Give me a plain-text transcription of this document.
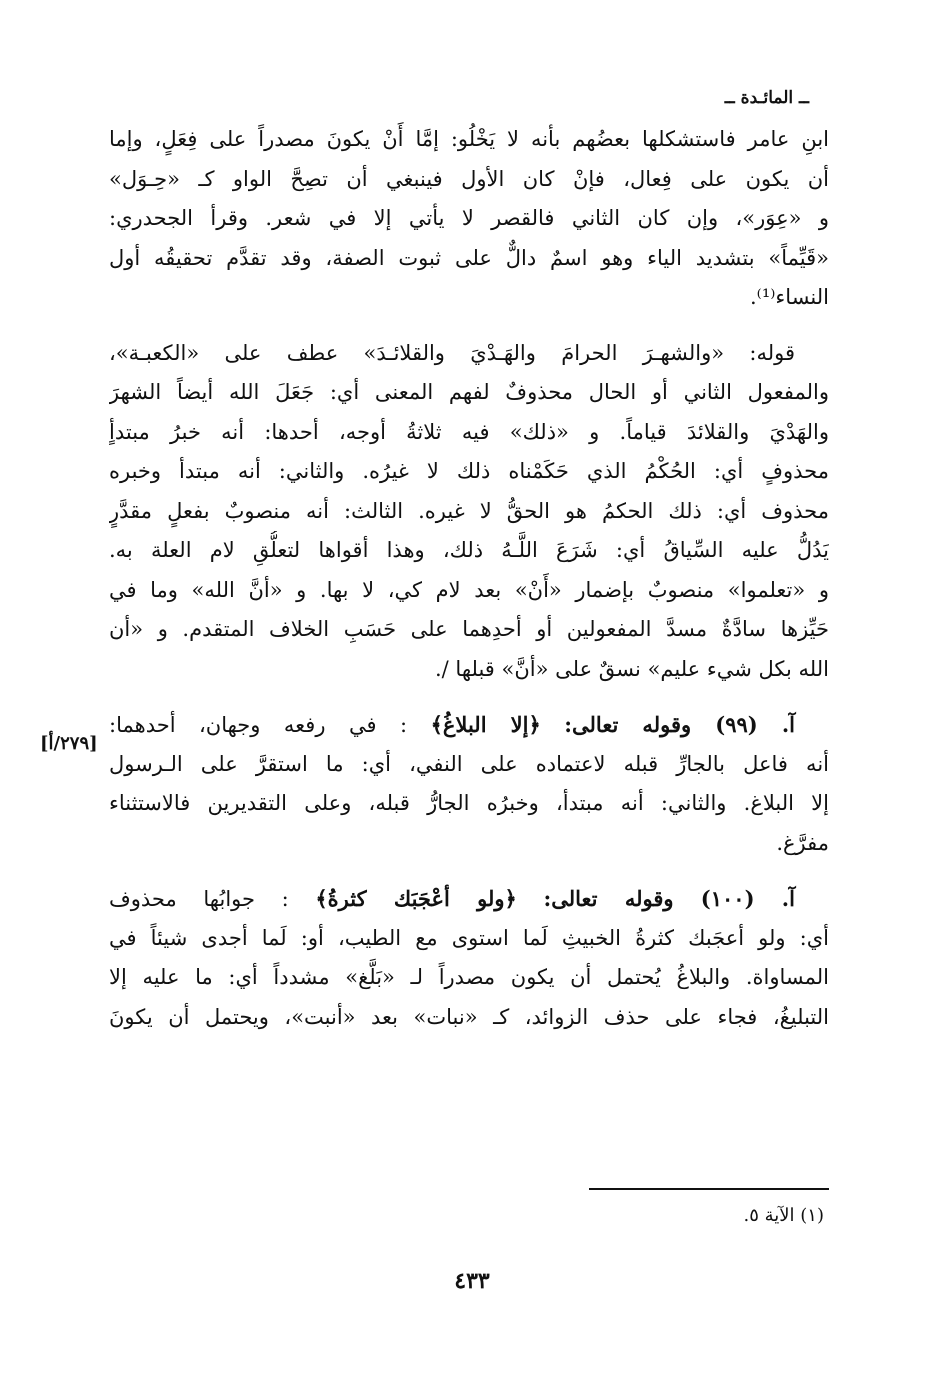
ــ المائـدة ــ
ابنِ عامر فاستشكلها بعضُهم بأنه لا يَخْلُو: إمَّا أَنْ يكونَ مصدراً على فِعَلٍ، وإما
أن يكون على فِعال، فإنْ كان الأول فينبغي أن تصِحَّ الواو كـ «حِـوَل»
و «عِوَر»، وإن كان الثاني فالقصر لا يأتي إلا في شعر. وقرأ الجحدري:
«قَيِّماً» بتشديد الياء وهو اسمٌ دالٌّ على ثبوت الصفة، وقد تقدَّم تحقيقُه أول
النساء⁽¹⁾.
قوله: «والشهـرَ الحرامَ والهَـدْيَ والقلائـدَ» عطف على «الكعبـة»،
والمفعول الثاني أو الحال محذوفٌ لفهم المعنى أي: جَعَلَ الله أيضاً الشهرَ
والهَدْيَ والقلائدَ قياماً. و «ذلك» فيه ثلاثةُ أوجه، أحدها: أنه خبرُ مبتدأٍ
محذوفٍ أي: الحُكْمُ الذي حَكَمْناه ذلك لا غيرُه. والثاني: أنه مبتدأ وخبره
محذوف أي: ذلك الحكمُ هو الحقُّ لا غيره. الثالث: أنه منصوبٌ بفعلٍ مقدَّرٍ
يَدُلُّ عليه السِّياقُ أي: شَرَعَ اللَّـهُ ذلك، وهذا أقواها لتعلُّقِ لام العلة به.
و «تعلموا» منصوبٌ بإضمار «أَنْ» بعد لام كي، لا بها. و «أنَّ الله» وما في
حَيِّزها سادَّةٌ مسدَّ المفعولين أو أحدِهما على حَسَبِ الخلاف المتقدم. و «أن
الله بكل شيء عليم» نسقٌ على «أنَّ» قبلها /.
آ. (٩٩) وقوله تعالى: ﴿إلا البلاغُ﴾ : في رفعه وجهان، أحدهما:
أنه فاعل بالجارِّ قبله لاعتماده على النفي، أي: ما استقرَّ على الـرسول
إلا البلاغ. والثاني: أنه مبتدأ، وخبرُه الجارُّ قبله، وعلى التقديرين فالاستثناء
مفرَّغ.
آ. (١٠٠) وقوله تعالى: ﴿ولو أعْجَبَك كثرةُ﴾ : جوابُها محذوف
أي: ولو أعجَبك كثرةُ الخبيثِ لَما استوى مع الطيب، أو: لَما أجدى شيئاً في
المساواة. والبلاغُ يُحتمل أن يكون مصدراً لـ «بَلَّغ» مشدداً أي: ما عليه إلا
التبليغُ، فجاء على حذف الزوائد، كـ «نبات» بعد «أنبت»، ويحتمل أن يكونَ
[٢٧٩/أ]
(١) الآية ٥.
٤٣٣
